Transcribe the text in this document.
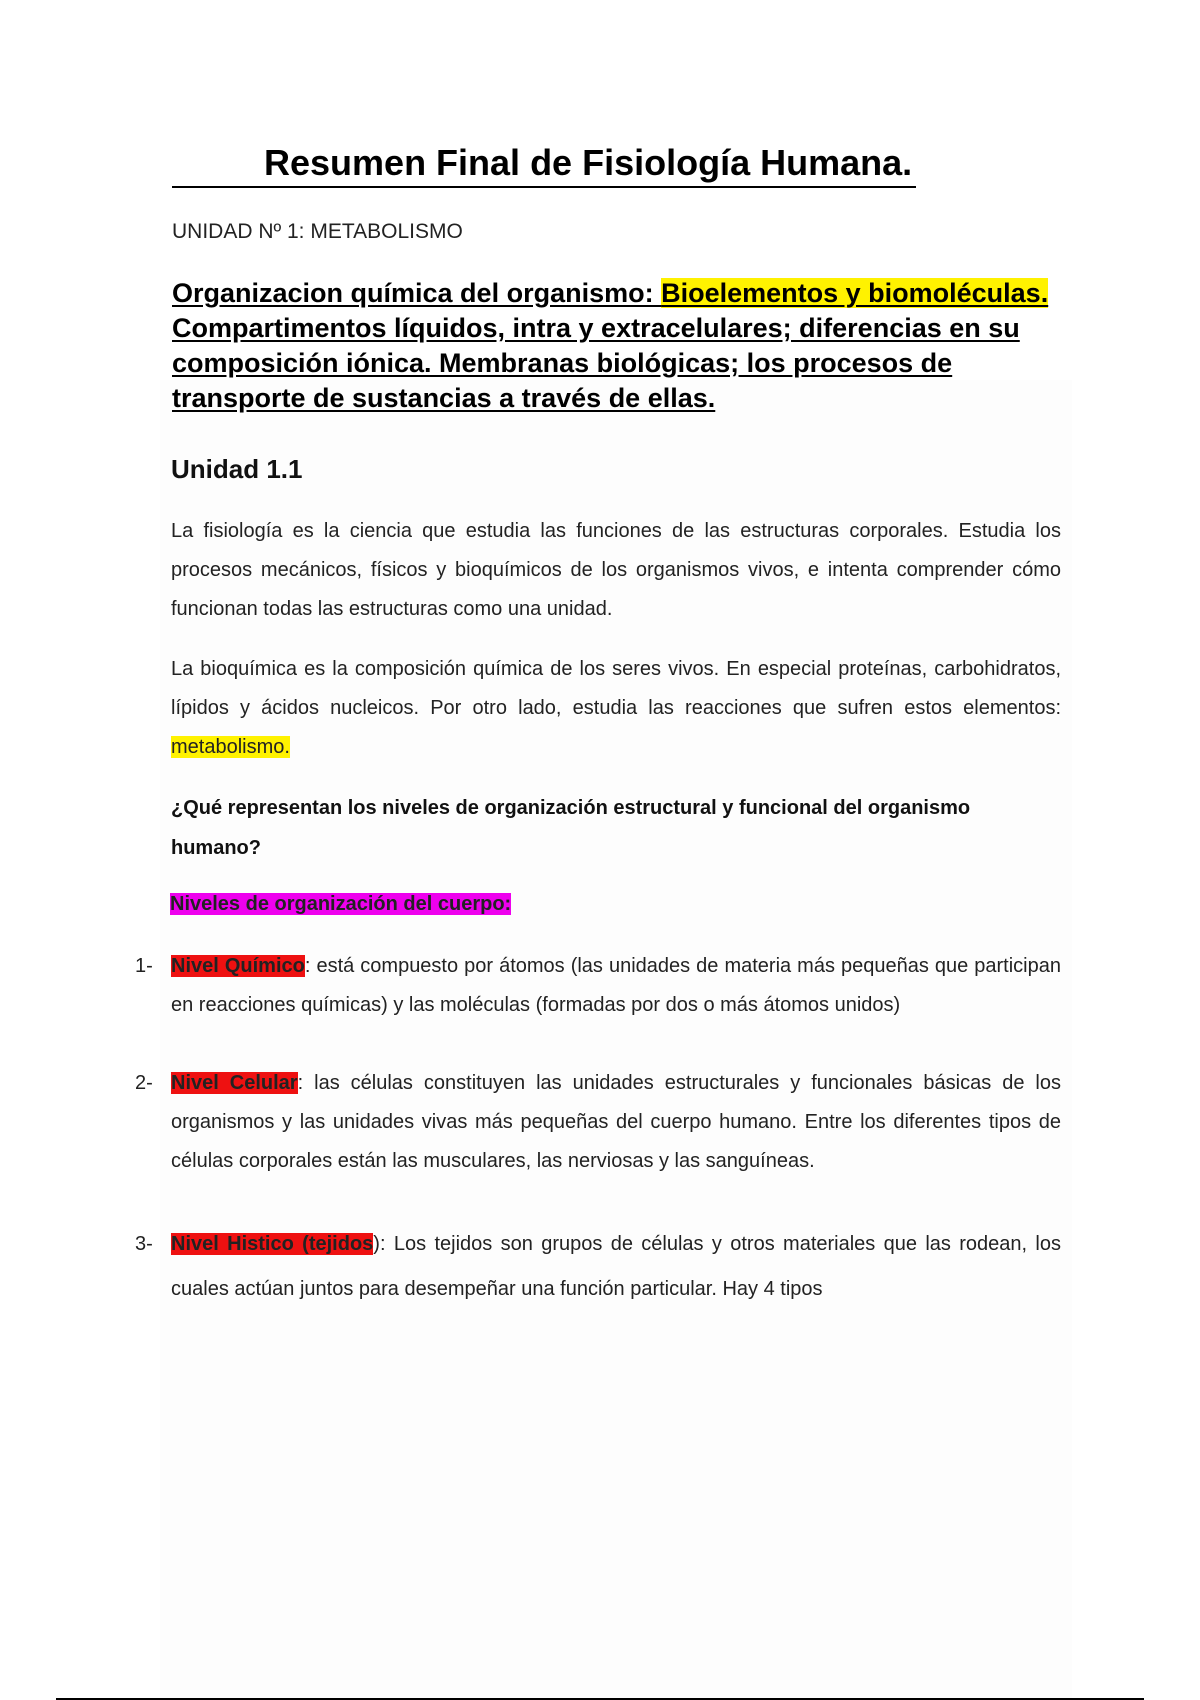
Resumen Final de Fisiología Humana.
UNIDAD Nº 1: METABOLISMO
Organizacion química del organismo: Bioelementos y biomoléculas. Compartimentos líquidos, intra y extracelulares; diferencias en su composición iónica. Membranas biológicas; los procesos de transporte de sustancias a través de ellas.
Unidad 1.1
La fisiología es la ciencia que estudia las funciones de las estructuras corporales. Estudia los procesos mecánicos, físicos y bioquímicos de los organismos vivos, e intenta comprender cómo funcionan todas las estructuras como una unidad.
La bioquímica es la composición química de los seres vivos. En especial proteínas, carbohidratos, lípidos y ácidos nucleicos. Por otro lado, estudia las reacciones que sufren estos elementos: metabolismo.
¿Qué representan los niveles de organización estructural y funcional del organismo humano?
Niveles de organización del cuerpo:
1- Nivel Químico: está compuesto por átomos (las unidades de materia más pequeñas que participan en reacciones químicas) y las moléculas (formadas por dos o más átomos unidos)
2- Nivel Celular: las células constituyen las unidades estructurales y funcionales básicas de los organismos y las unidades vivas más pequeñas del cuerpo humano. Entre los diferentes tipos de células corporales están las musculares, las nerviosas y las sanguíneas.
3- Nivel Histico (tejidos): Los tejidos son grupos de células y otros materiales que las rodean, los cuales actúan juntos para desempeñar una función particular. Hay 4 tipos
